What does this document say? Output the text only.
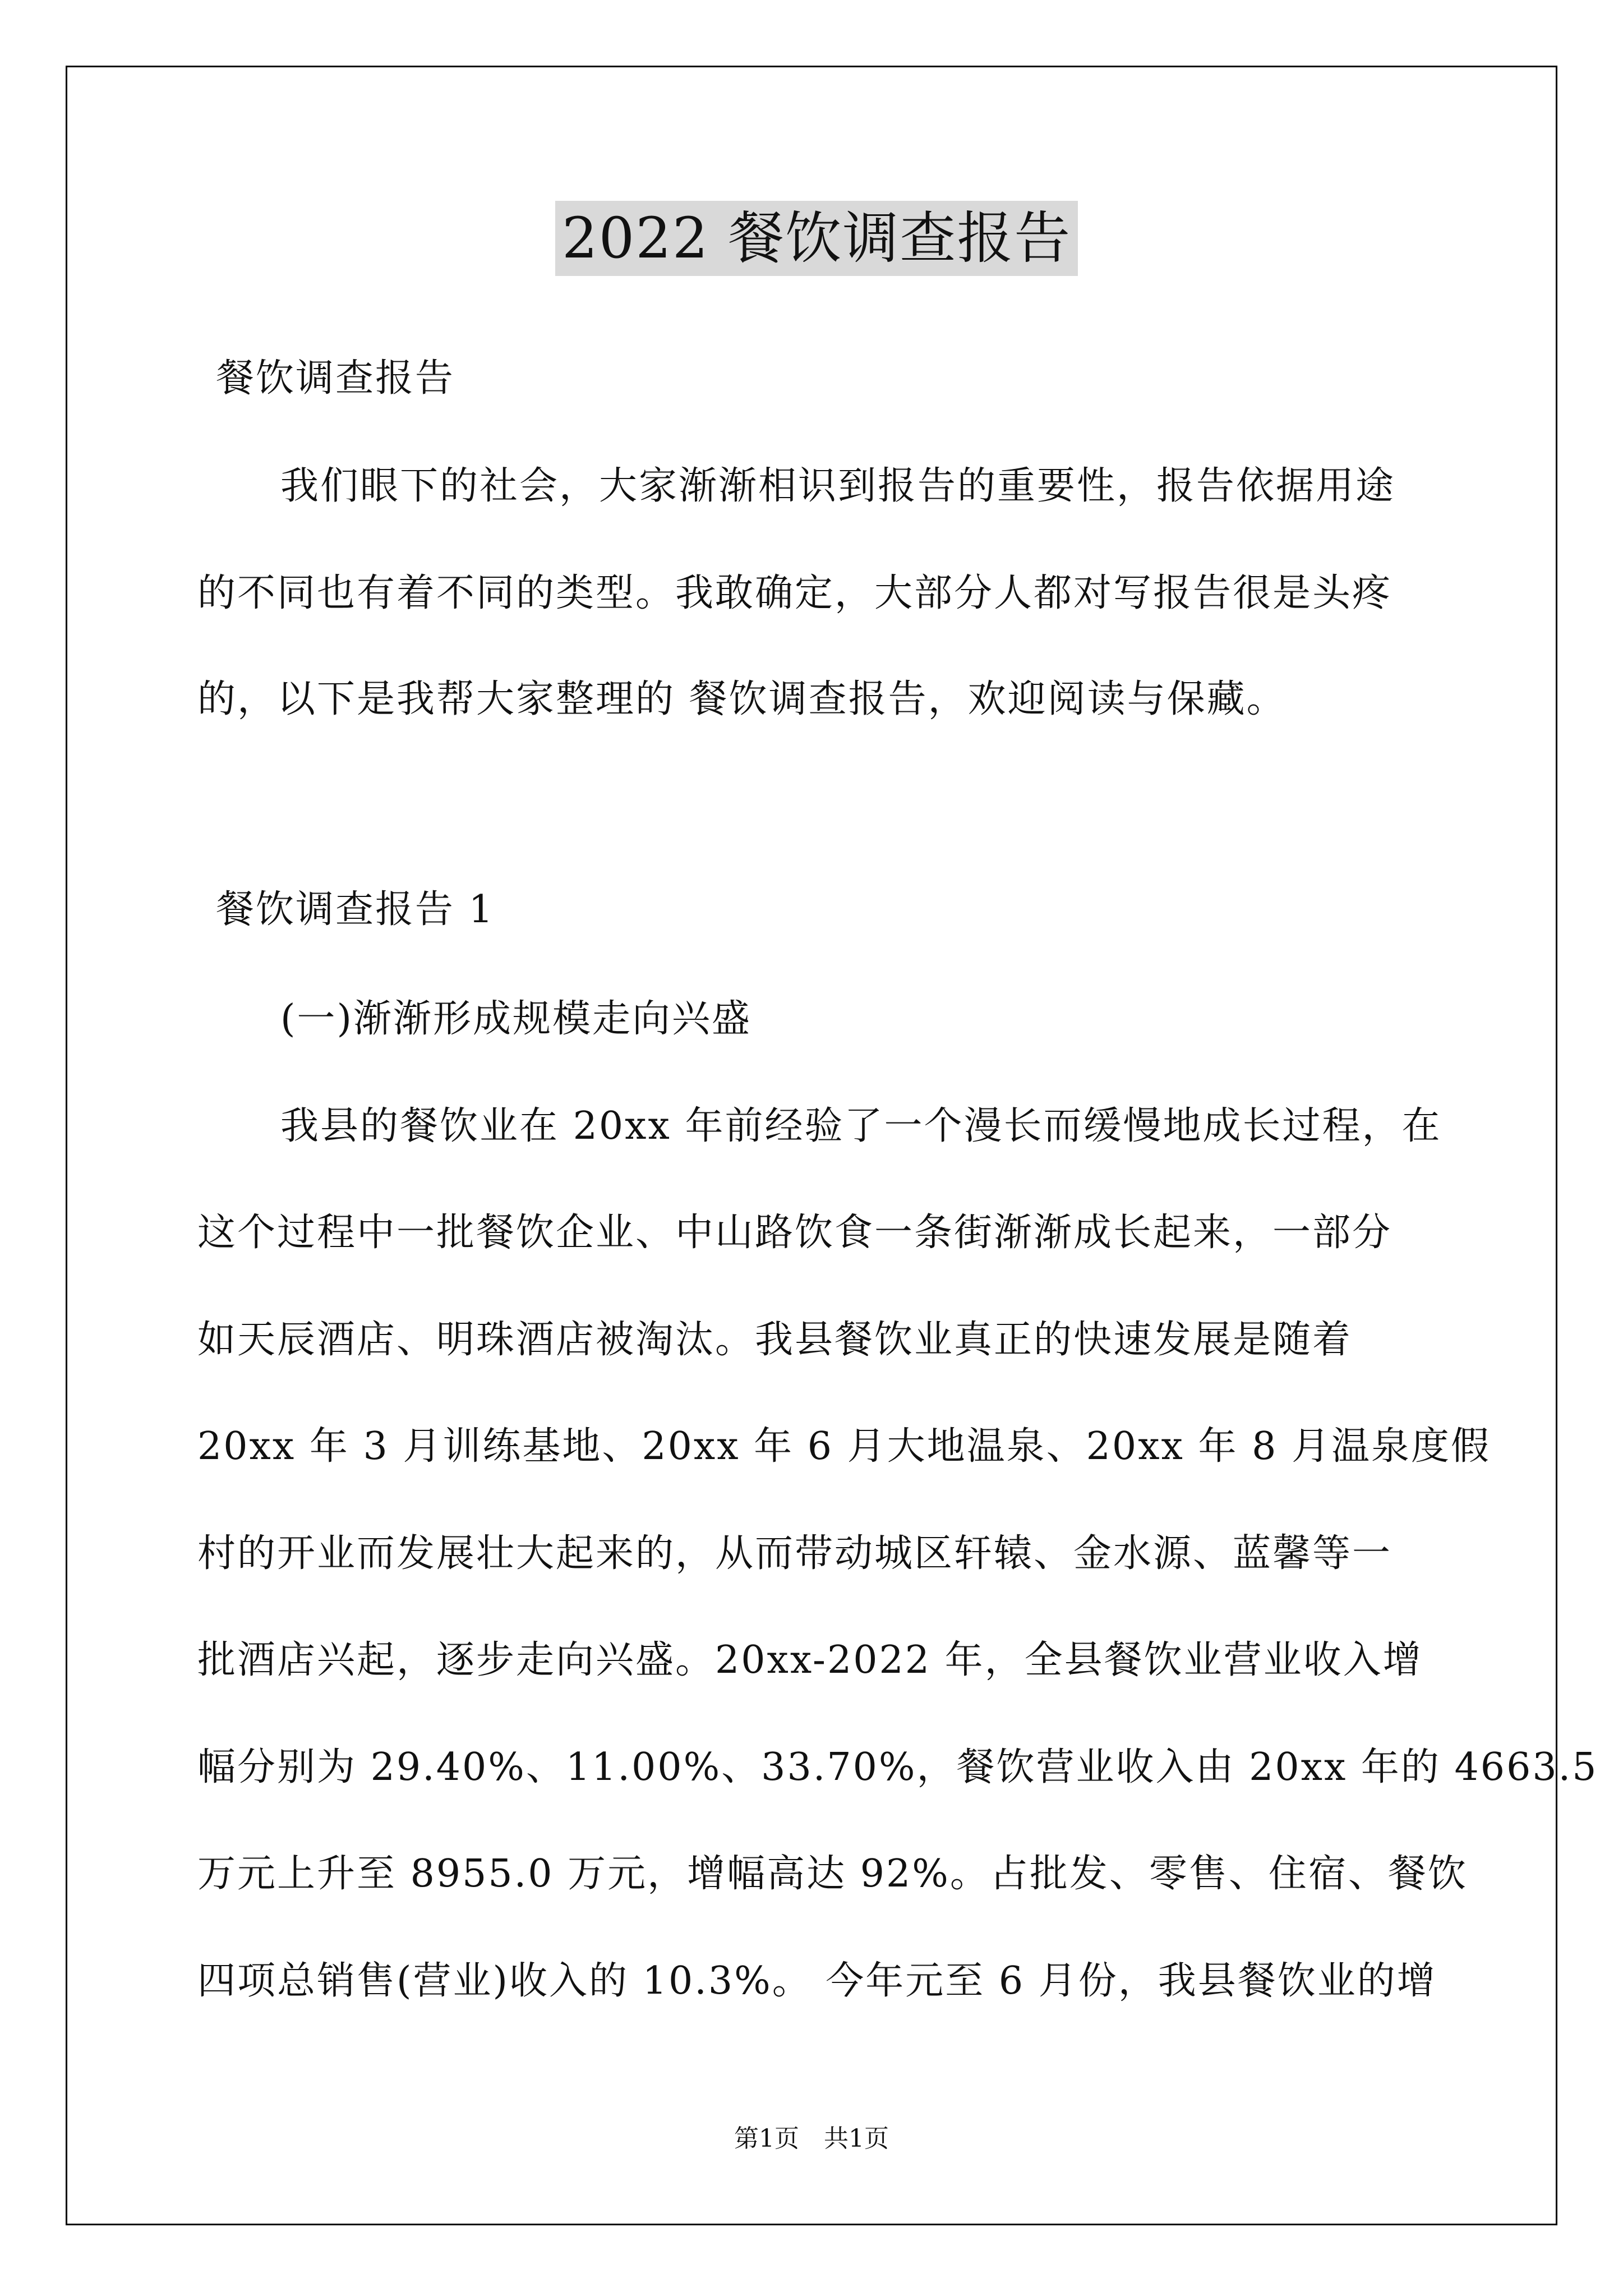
2022 餐饮调查报告
餐饮调查报告
我们眼下的社会，大家渐渐相识到报告的重要性，报告依据用途
的不同也有着不同的类型。我敢确定，大部分人都对写报告很是头疼
的，以下是我帮大家整理的 餐饮调查报告，欢迎阅读与保藏。
餐饮调查报告 1
(一)渐渐形成规模走向兴盛
我县的餐饮业在 20xx 年前经验了一个漫长而缓慢地成长过程，在
这个过程中一批餐饮企业、中山路饮食一条街渐渐成长起来，一部分
如天辰酒店、明珠酒店被淘汰。我县餐饮业真正的快速发展是随着
20xx 年 3 月训练基地、20xx 年 6 月大地温泉、20xx 年 8 月温泉度假
村的开业而发展壮大起来的，从而带动城区轩辕、金水源、蓝馨等一
批酒店兴起，逐步走向兴盛。20xx-2022 年，全县餐饮业营业收入增
幅分别为 29.40%、11.00%、33.70%，餐饮营业收入由 20xx 年的 4663.5
万元上升至 8955.0 万元，增幅高达 92%。占批发、零售、住宿、餐饮
四项总销售(营业)收入的 10.3%。 今年元至 6 月份，我县餐饮业的增
第1页　共1页
